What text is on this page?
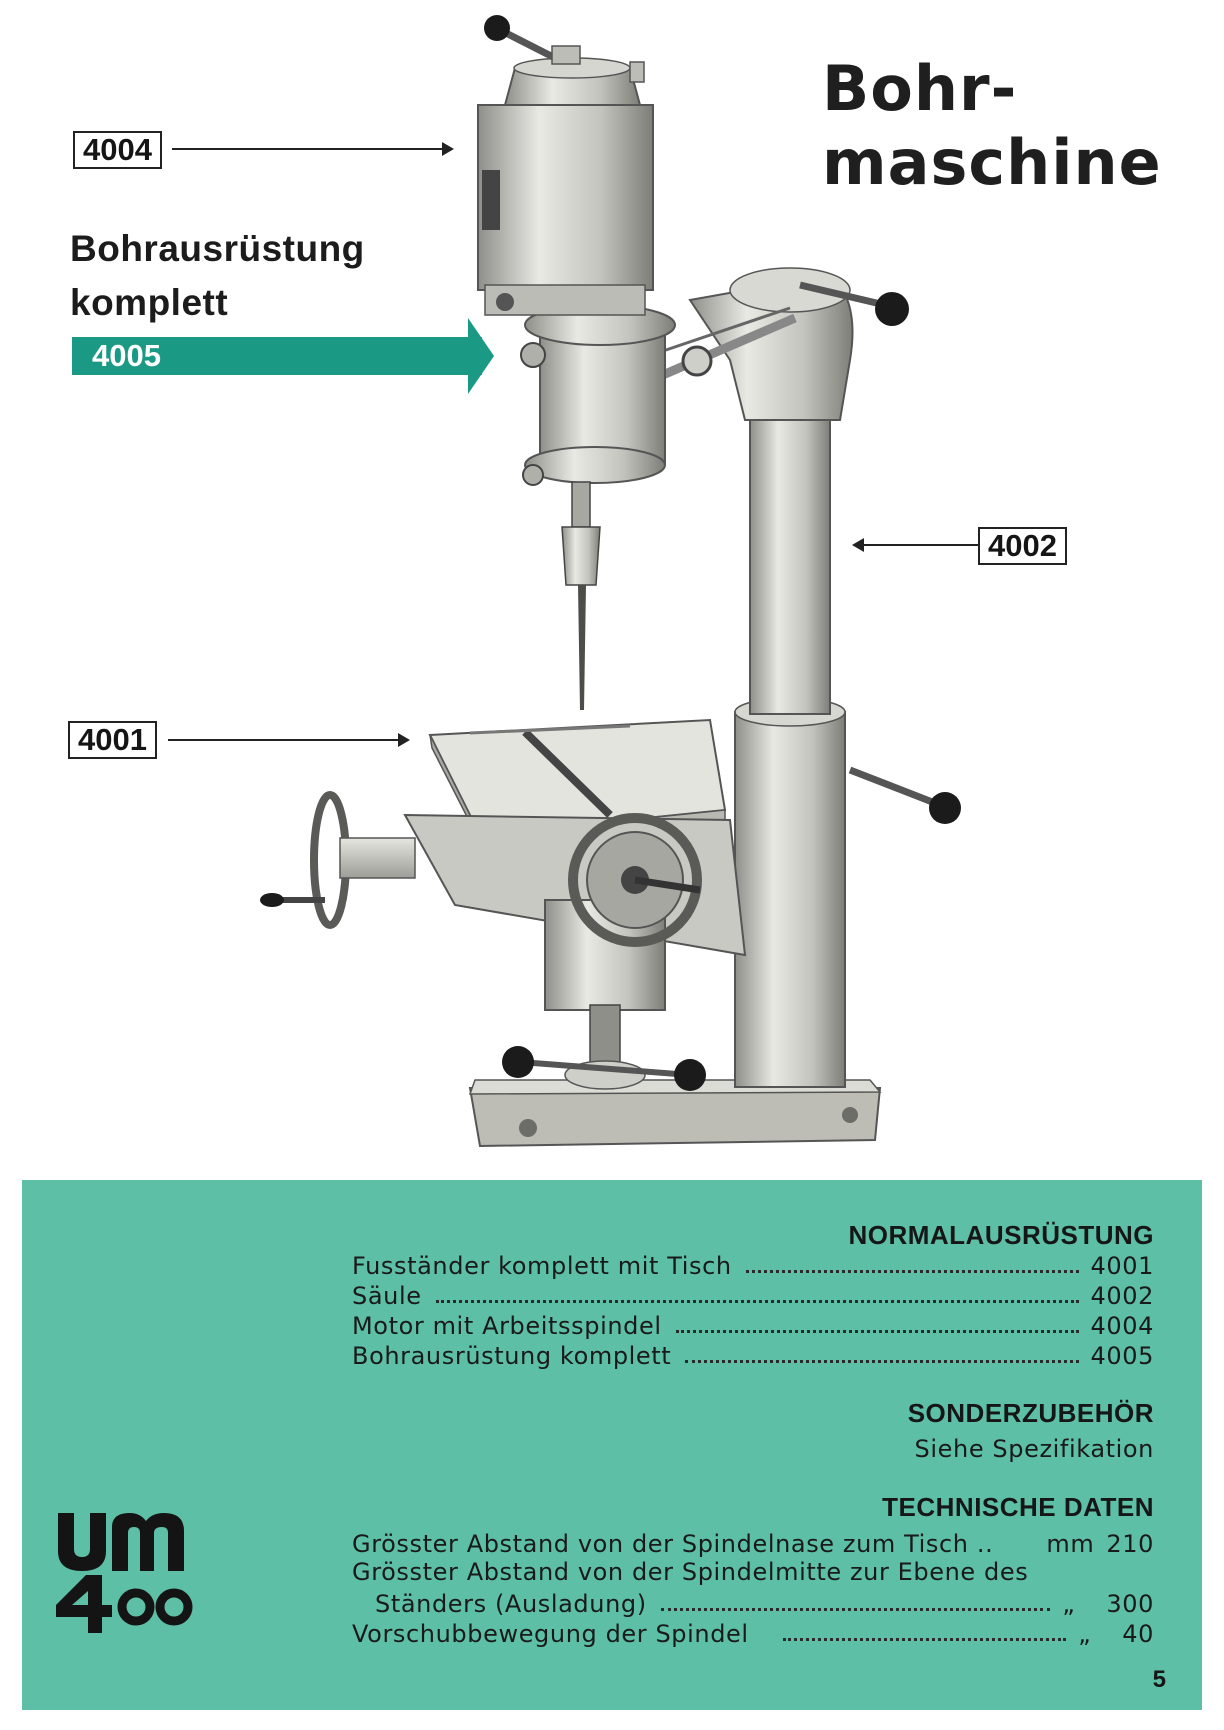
Bohr-
maschine
4004
Bohrausrüstung
komplett
4005
4002
4001
NORMALAUSRÜSTUNG
Fusständer komplett mit Tisch	4001
Säule	4002
Motor mit Arbeitsspindel	4004
Bohrausrüstung komplett	4005
SONDERZUBEHÖR
Siehe Spezifikation
TECHNISCHE DATEN
Grösster Abstand von der Spindelnase zum Tisch .. mm 210
Grösster Abstand von der Spindelmitte zur Ebene des
Ständers (Ausladung)	„	300
Vorschubbewegung der Spindel	„	40
5
